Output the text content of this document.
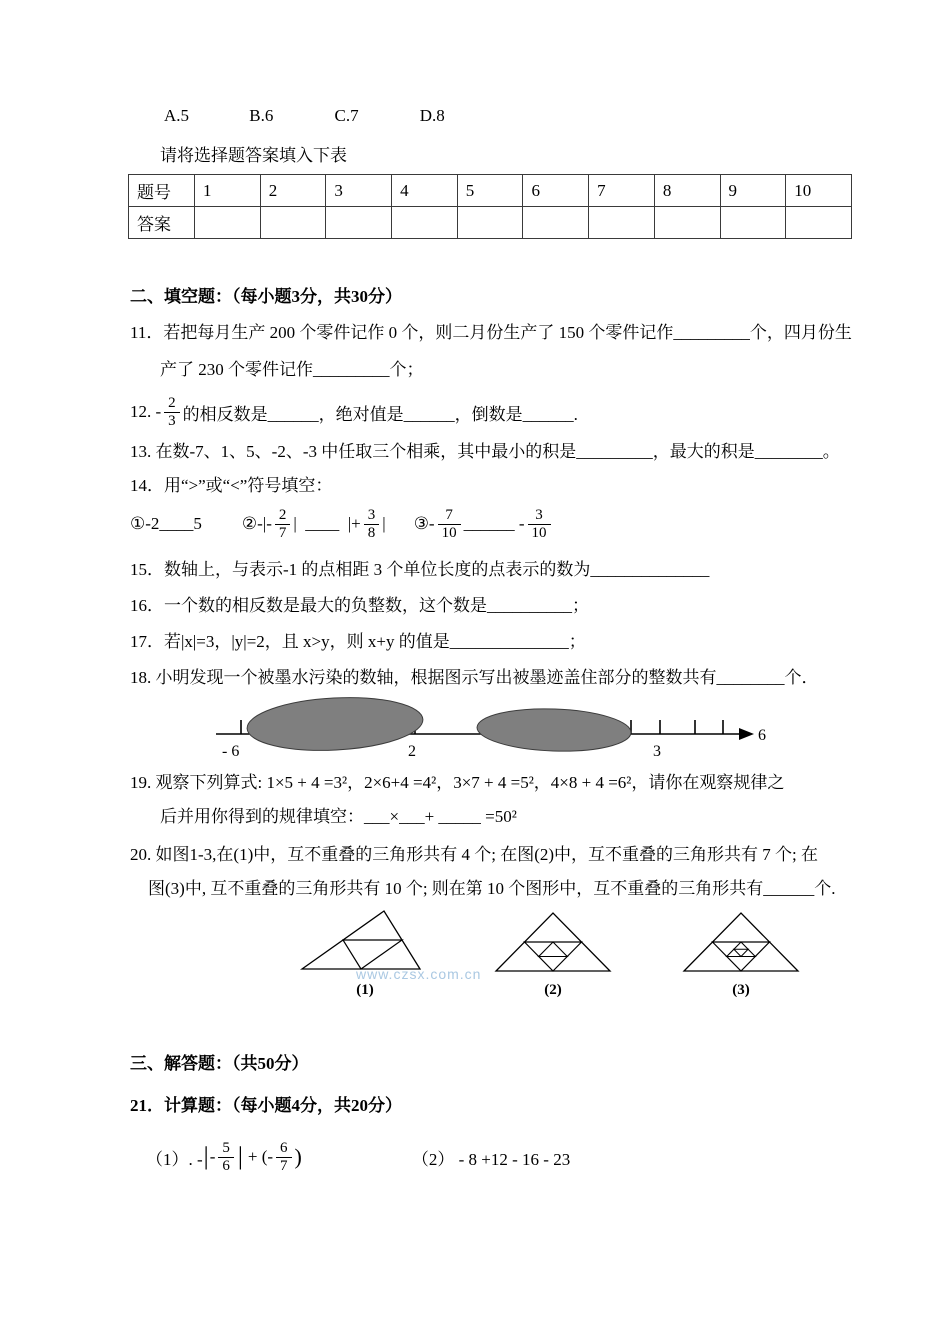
A.5	B.6	C.7	D.8

请将选择题答案填入下表

题号	1	2	3	4	5	6	7	8	9	10
答案										

二、填空题：（每小题3分，共30分）

11．若把每月生产 200 个零件记作 0 个，则二月份生产了 150 个零件记作_________个，四月份生

产了 230 个零件记作_________个；

12. - $\frac{2}{3}$ 的相反数是______，绝对值是______，倒数是______.

13. 在数-7、1、5、-2、-3 中任取三个相乘，其中最小的积是_________，最大的积是________。

14．用“>”或“<”符号填空：

①-2____5 ②-|- $\frac{2}{7}$ |  ____  |+ $\frac{3}{8}$ | ③- $\frac{7}{10}$ ______ - $\frac{3}{10}$

15．数轴上，与表示-1 的点相距 3 个单位长度的点表示的数为______________

16．一个数的相反数是最大的负整数，这个数是__________；

17．若|x|=3，|y|=2，且 x>y，则 x+y 的值是______________；

18. 小明发现一个被墨水污染的数轴，根据图示写出被墨迹盖住部分的整数共有________个．

- 6	2	3
6

19. 观察下列算式: 1×5 + 4 =3²，2×6+4 =4²，3×7 + 4 =5²，4×8 + 4 =6²，请你在观察规律之

后并用你得到的规律填空：___×___+ _____ =50²

20. 如图1-3,在(1)中，互不重叠的三角形共有 4 个; 在图(2)中，互不重叠的三角形共有 7 个; 在

图(3)中, 互不重叠的三角形共有 10 个; 则在第 10 个图形中，互不重叠的三角形共有______个.

(1)	(2)	(3)

三、解答题：（共50分）

21．计算题：（每小题4分，共20分）

（1）. - | - $\frac{5}{6}$ | + (- $\frac{6}{7}$ )	（2） - 8 +12 - 16 - 23
www.czsx.com.cn
